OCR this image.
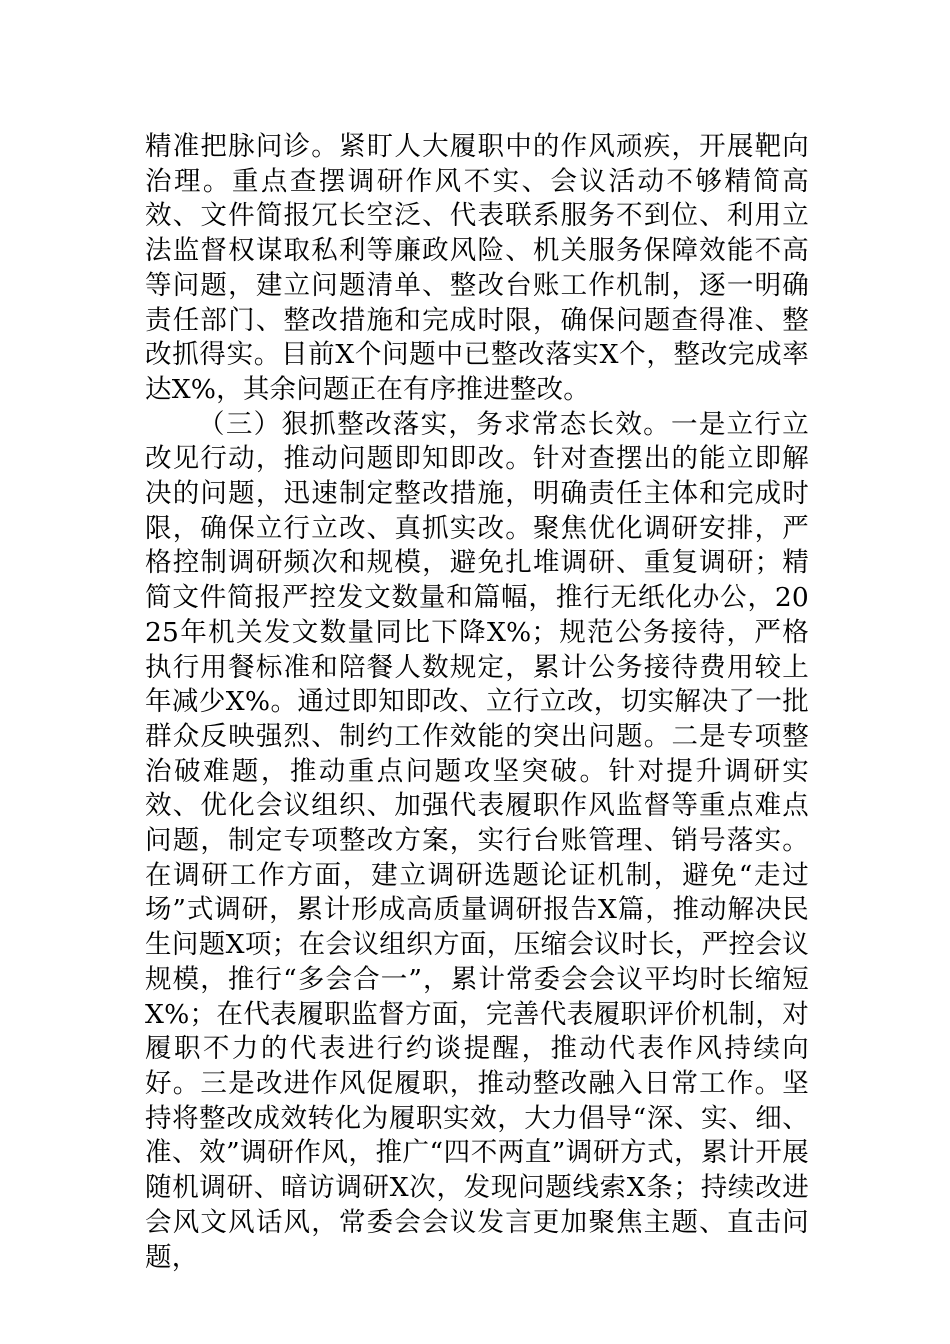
精准把脉问诊。紧盯人大履职中的作风顽疾，开展靶向治理。重点查摆调研作风不实、会议活动不够精简高效、文件简报冗长空泛、代表联系服务不到位、利用立法监督权谋取私利等廉政风险、机关服务保障效能不高等问题，建立问题清单、整改台账工作机制，逐一明确责任部门、整改措施和完成时限，确保问题查得准、整改抓得实。目前X个问题中已整改落实X个，整改完成率达X%，其余问题正在有序推进整改。

（三）狠抓整改落实，务求常态长效。一是立行立改见行动，推动问题即知即改。针对查摆出的能立即解决的问题，迅速制定整改措施，明确责任主体和完成时限，确保立行立改、真抓实改。聚焦优化调研安排，严格控制调研频次和规模，避免扎堆调研、重复调研；精简文件简报严控发文数量和篇幅，推行无纸化办公，2025年机关发文数量同比下降X%；规范公务接待，严格执行用餐标准和陪餐人数规定，累计公务接待费用较上年减少X%。通过即知即改、立行立改，切实解决了一批群众反映强烈、制约工作效能的突出问题。二是专项整治破难题，推动重点问题攻坚突破。针对提升调研实效、优化会议组织、加强代表履职作风监督等重点难点问题，制定专项整改方案，实行台账管理、销号落实。在调研工作方面，建立调研选题论证机制，避免“走过场”式调研，累计形成高质量调研报告X篇，推动解决民生问题X项；在会议组织方面，压缩会议时长，严控会议规模，推行“多会合一”，累计常委会会议平均时长缩短X%；在代表履职监督方面，完善代表履职评价机制，对履职不力的代表进行约谈提醒，推动代表作风持续向好。三是改进作风促履职，推动整改融入日常工作。坚持将整改成效转化为履职实效，大力倡导“深、实、细、准、效”调研作风，推广“四不两直”调研方式，累计开展随机调研、暗访调研X次，发现问题线索X条；持续改进会风文风话风，常委会会议发言更加聚焦主题、直击问题，
